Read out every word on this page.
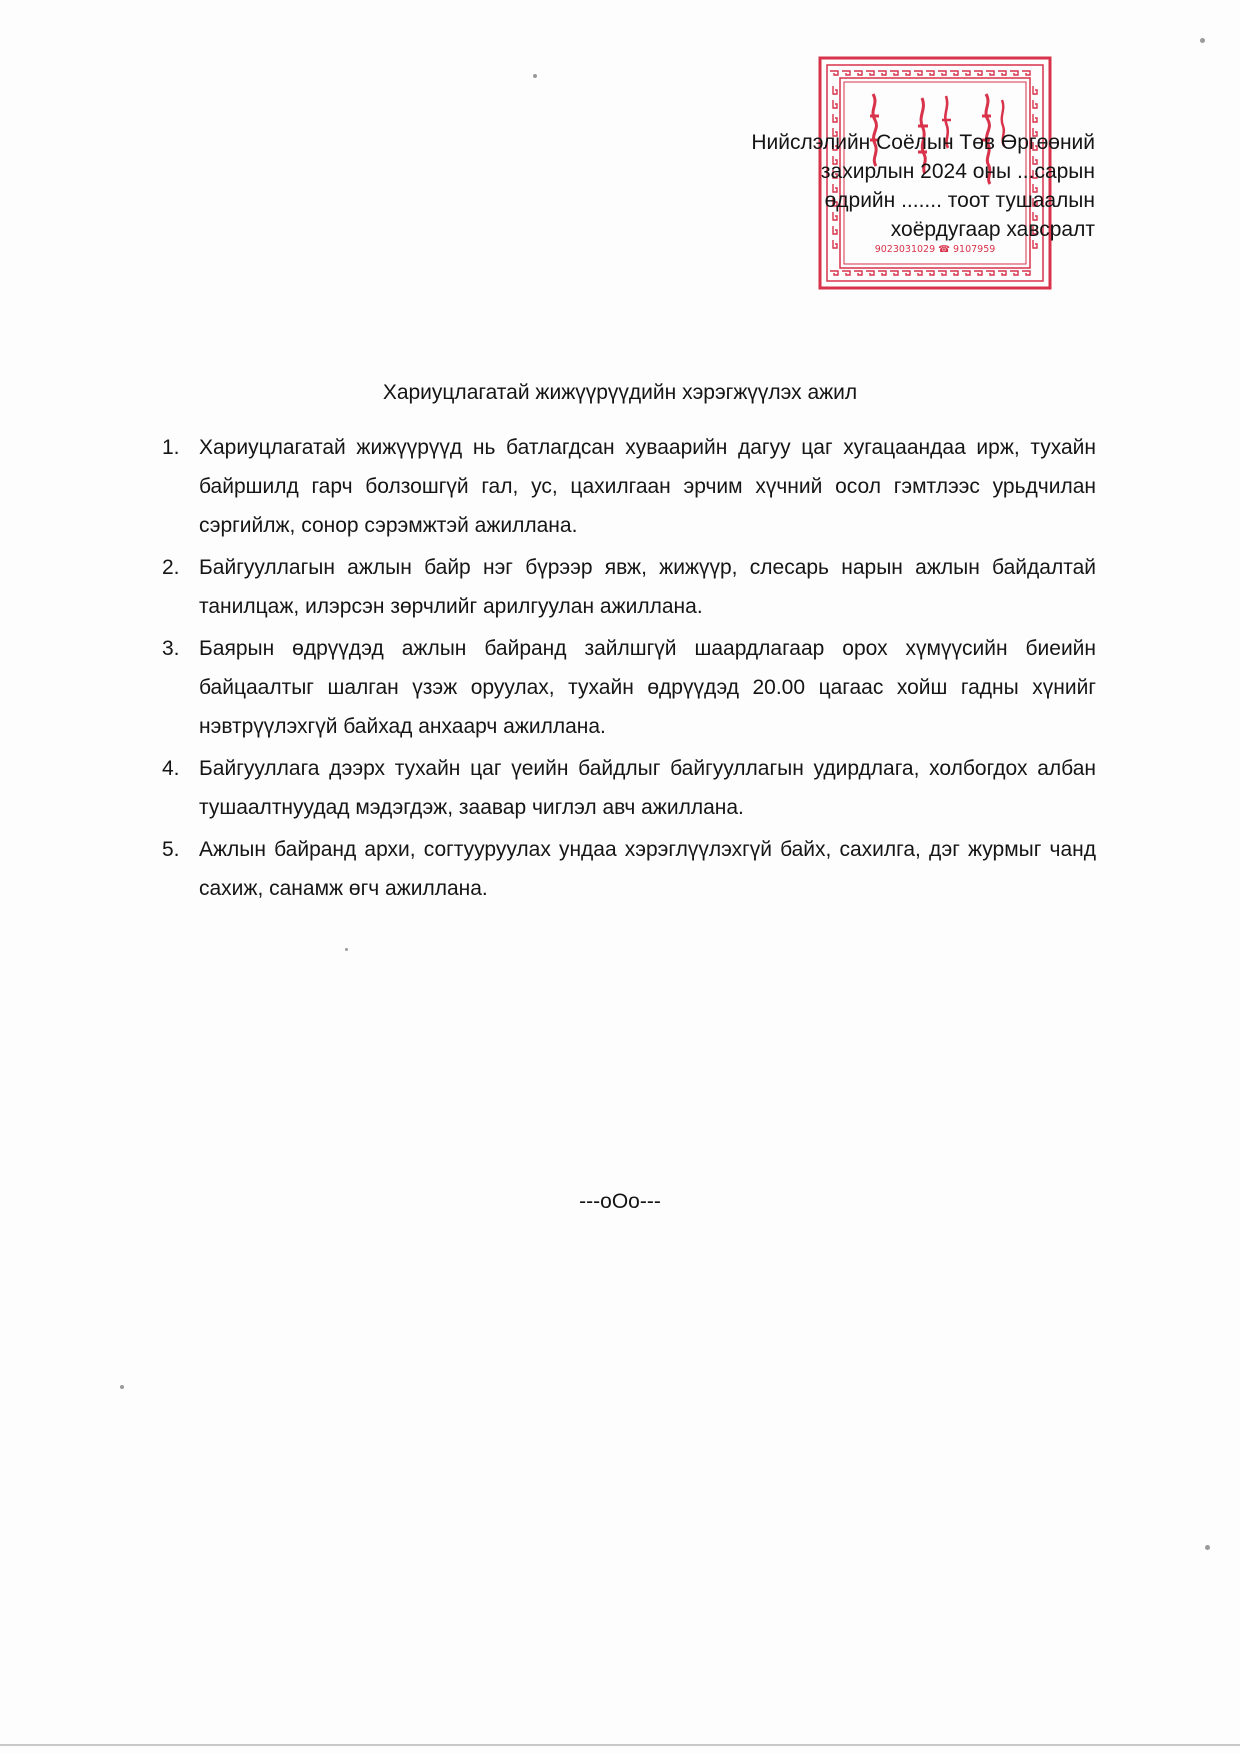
9023031029 ☎ 9107959
Нийслэлийн Соёлын Төв Өргөөний
захирлын 2024 оны ...сарын
өдрийн ....... тоот тушаалын
хоёрдугаар хавсралт
Хариуцлагатай жижүүрүүдийн хэрэгжүүлэх ажил
1. Хариуцлагатай жижүүрүүд нь батлагдсан хуваарийн дагуу цаг хугацаандаа ирж, тухайн байршилд гарч болзошгүй гал, ус, цахилгаан эрчим хүчний осол гэмтлээс урьдчилан сэргийлж, сонор сэрэмжтэй ажиллана.
2. Байгууллагын ажлын байр нэг бүрээр явж, жижүүр, слесарь нарын ажлын байдалтай танилцаж, илэрсэн зөрчлийг арилгуулан ажиллана.
3. Баярын өдрүүдэд ажлын байранд зайлшгүй шаардлагаар орох хүмүүсийн биеийн байцаалтыг шалган үзэж оруулах, тухайн өдрүүдэд 20.00 цагаас хойш гадны хүнийг нэвтрүүлэхгүй байхад анхаарч ажиллана.
4. Байгууллага дээрх тухайн цаг үеийн байдлыг байгууллагын удирдлага, холбогдох албан тушаалтнуудад мэдэгдэж, заавар чиглэл авч ажиллана.
5. Ажлын байранд архи, согтууруулах ундаа хэрэглүүлэхгүй байх, сахилга, дэг журмыг чанд сахиж, санамж өгч ажиллана.
---oOo---
